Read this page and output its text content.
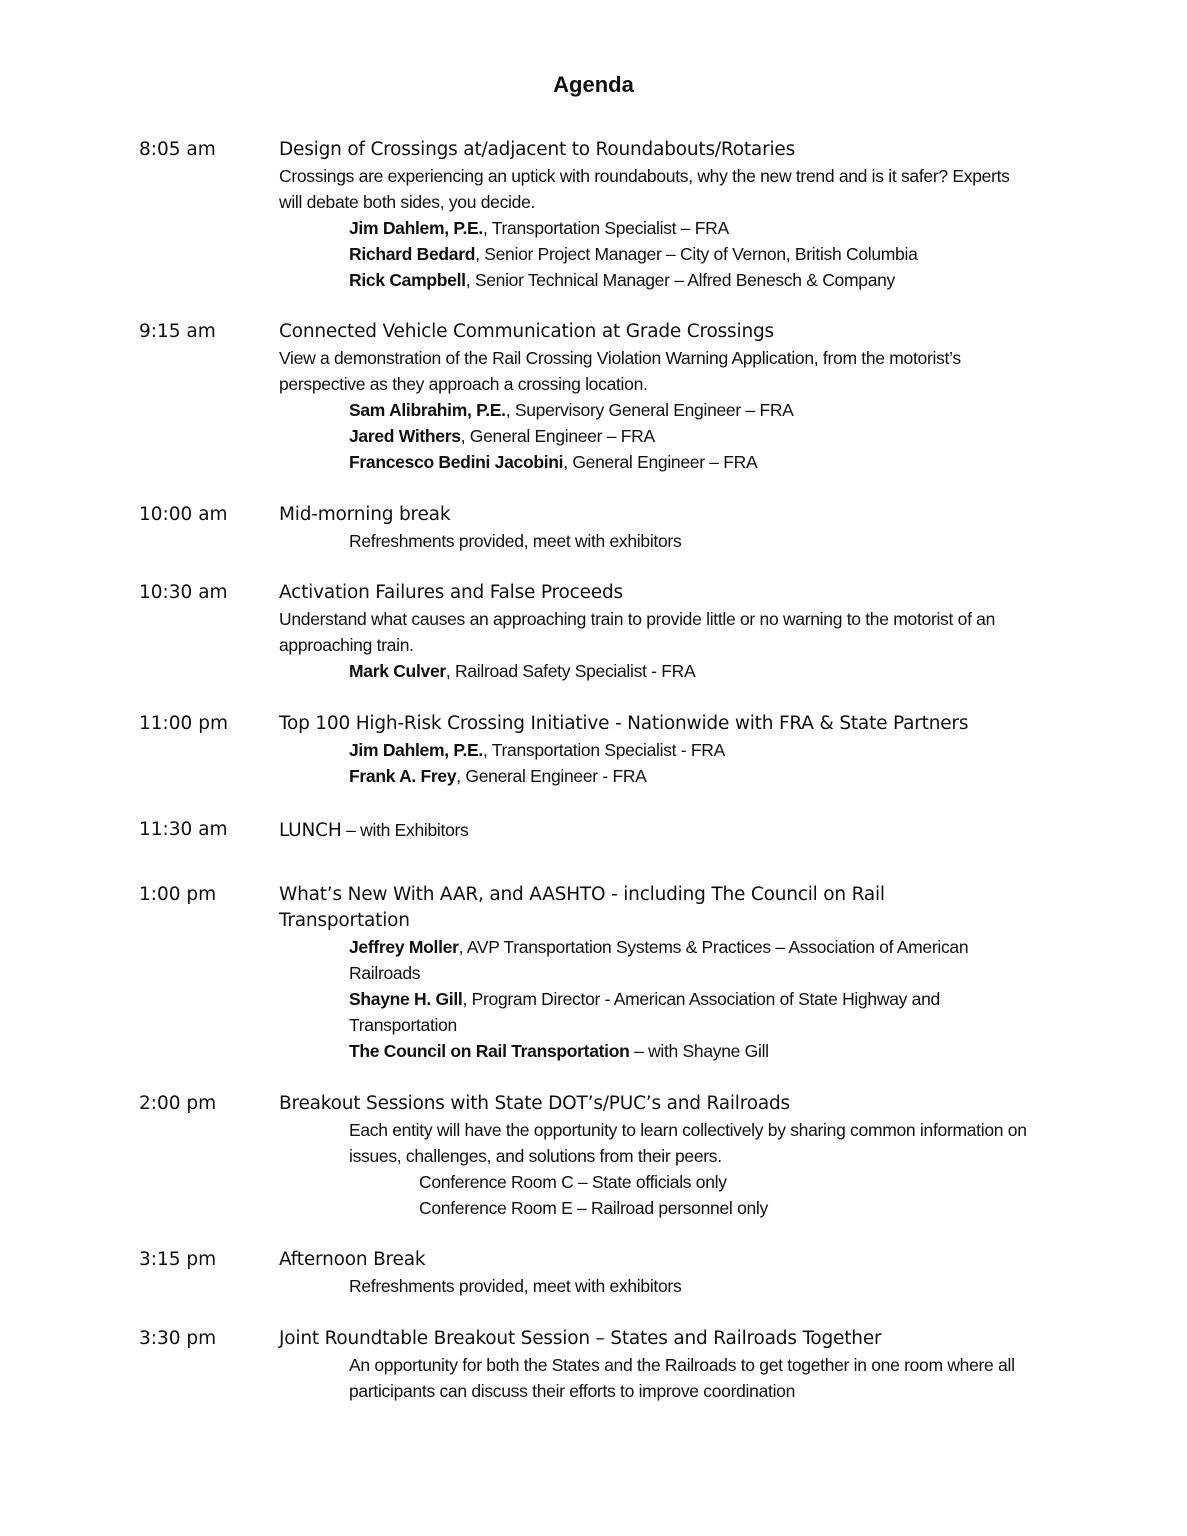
Agenda
8:05 am	Design of Crossings at/adjacent to Roundabouts/Rotaries
Crossings are experiencing an uptick with roundabouts, why the new trend and is it safer? Experts will debate both sides, you decide.
Jim Dahlem, P.E., Transportation Specialist – FRA
Richard Bedard, Senior Project Manager – City of Vernon, British Columbia
Rick Campbell, Senior Technical Manager – Alfred Benesch & Company
9:15 am	Connected Vehicle Communication at Grade Crossings
View a demonstration of the Rail Crossing Violation Warning Application, from the motorist’s perspective as they approach a crossing location.
Sam Alibrahim, P.E., Supervisory General Engineer – FRA
Jared Withers, General Engineer – FRA
Francesco Bedini Jacobini, General Engineer – FRA
10:00 am	Mid-morning break
Refreshments provided, meet with exhibitors
10:30 am	Activation Failures and False Proceeds
Understand what causes an approaching train to provide little or no warning to the motorist of an approaching train.
Mark Culver, Railroad Safety Specialist - FRA
11:00 pm	Top 100 High-Risk Crossing Initiative - Nationwide with FRA & State Partners
Jim Dahlem, P.E., Transportation Specialist - FRA
Frank A. Frey, General Engineer - FRA
11:30 am	LUNCH – with Exhibitors
1:00 pm	What’s New With AAR, and AASHTO - including The Council on Rail Transportation
Jeffrey Moller, AVP Transportation Systems & Practices – Association of American Railroads
Shayne H. Gill, Program Director - American Association of State Highway and Transportation
The Council on Rail Transportation – with Shayne Gill
2:00 pm	Breakout Sessions with State DOT’s/PUC’s and Railroads
Each entity will have the opportunity to learn collectively by sharing common information on issues, challenges, and solutions from their peers.
Conference Room C – State officials only
Conference Room E – Railroad personnel only
3:15 pm	Afternoon Break
Refreshments provided, meet with exhibitors
3:30 pm	Joint Roundtable Breakout Session – States and Railroads Together
An opportunity for both the States and the Railroads to get together in one room where all participants can discuss their efforts to improve coordination
